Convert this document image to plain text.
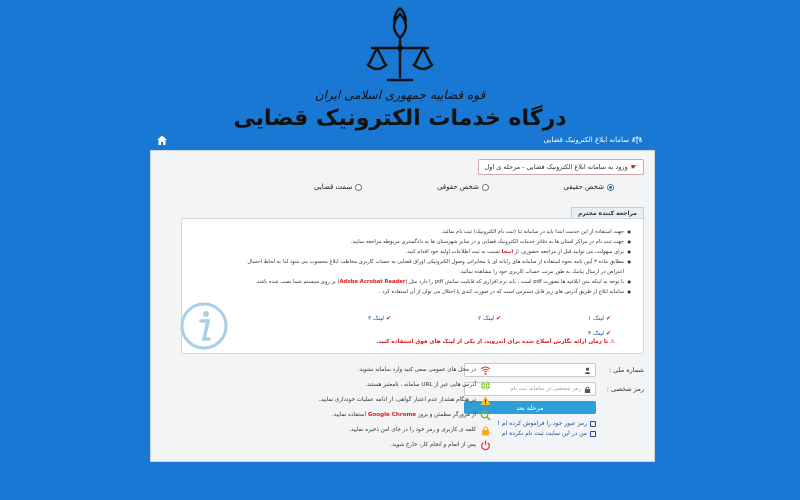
قوه قضاییه جمهوری اسلامی ایران
درگاه خدمات الکترونیک قضایی
سامانه ابلاغ الکترونیک قضایی
☛
ورود به سامانه ابلاغ الکترونیک قضایی - مرحله ی اول
شخص حقیقی
شخص حقوقی
سمت قضایی
مراجعه کننده محترم
● جهت استفاده از این خدمت ابتدا باید در سامانه ثنا (ثبت نام الکترونیک) ثبت نام نمائید.
● جهت ثبت نام در مراکز استان ها به دفاتر خدمات الکترونیک قضایی و در سایر شهرستان ها به دادگستری مربوطه مراجعه نمایید.
● برای سهولت، می توانید قبل از مراجعه حضوری، از اینجا نسبت به ثبت اطلاعات اولیه خود اقدام کنید.
● مطابق ماده ۳ آیین نامه نحوه استفاده از سامانه های رایانه ای یا مخابراتی وصول الکترونیکی اوراق قضایی به حساب کاربری مخاطب ابلاغ محسوب می شود لذا به لحاظ احتمال اعتراض در ارسال پیامک به طور مرتب حساب کاربری خود را مشاهده نمائید.
● با توجه به اینکه متن ابلاغیه ها بصورت pdf است ، باید نرم افزاری که قابلیت نمایش pdf را دارد مثل (Adobe Acrobat Reader) بر روی سیستم شما نصب شده باشد.
● سامانه ابلاغ از طریق آدرس های زیر قابل دسترس است که در صورت کندی یا اختلال می توان از آن استفاده کرد .
✔
لینک ۱
✔
لینک ۲
✔
لینک ۳
✔
لینک ۴
⚠ تا زمان ارائه نگارش اصلاح شده برای اندروید، از یکی از لینک های فوق استفاده کنید.
شماره ملی :
رمز شخصی :
رمز شخصی در سامانه ثبت نام
مرحله بعد
رمز عبور خود را فراموش کرده ام !
من در این سایت ثبت نام نکرده ام
در محل های عمومی سعی کنید وارد سامانه نشوید.
آدرس هایی غیر از URL سامانه ، نامعتبر هستند.
در هنگام هشدار عدم اعتبار گواهی، از ادامه عملیات خودداری نمایید.
از مرورگر مطمئن و بروز Google Chrome استفاده نمایید.
کلمه ی کاربری و رمز خود را در جای امن ذخیره نمایید.
پس از اتمام و انجام کار، خارج شوید.
